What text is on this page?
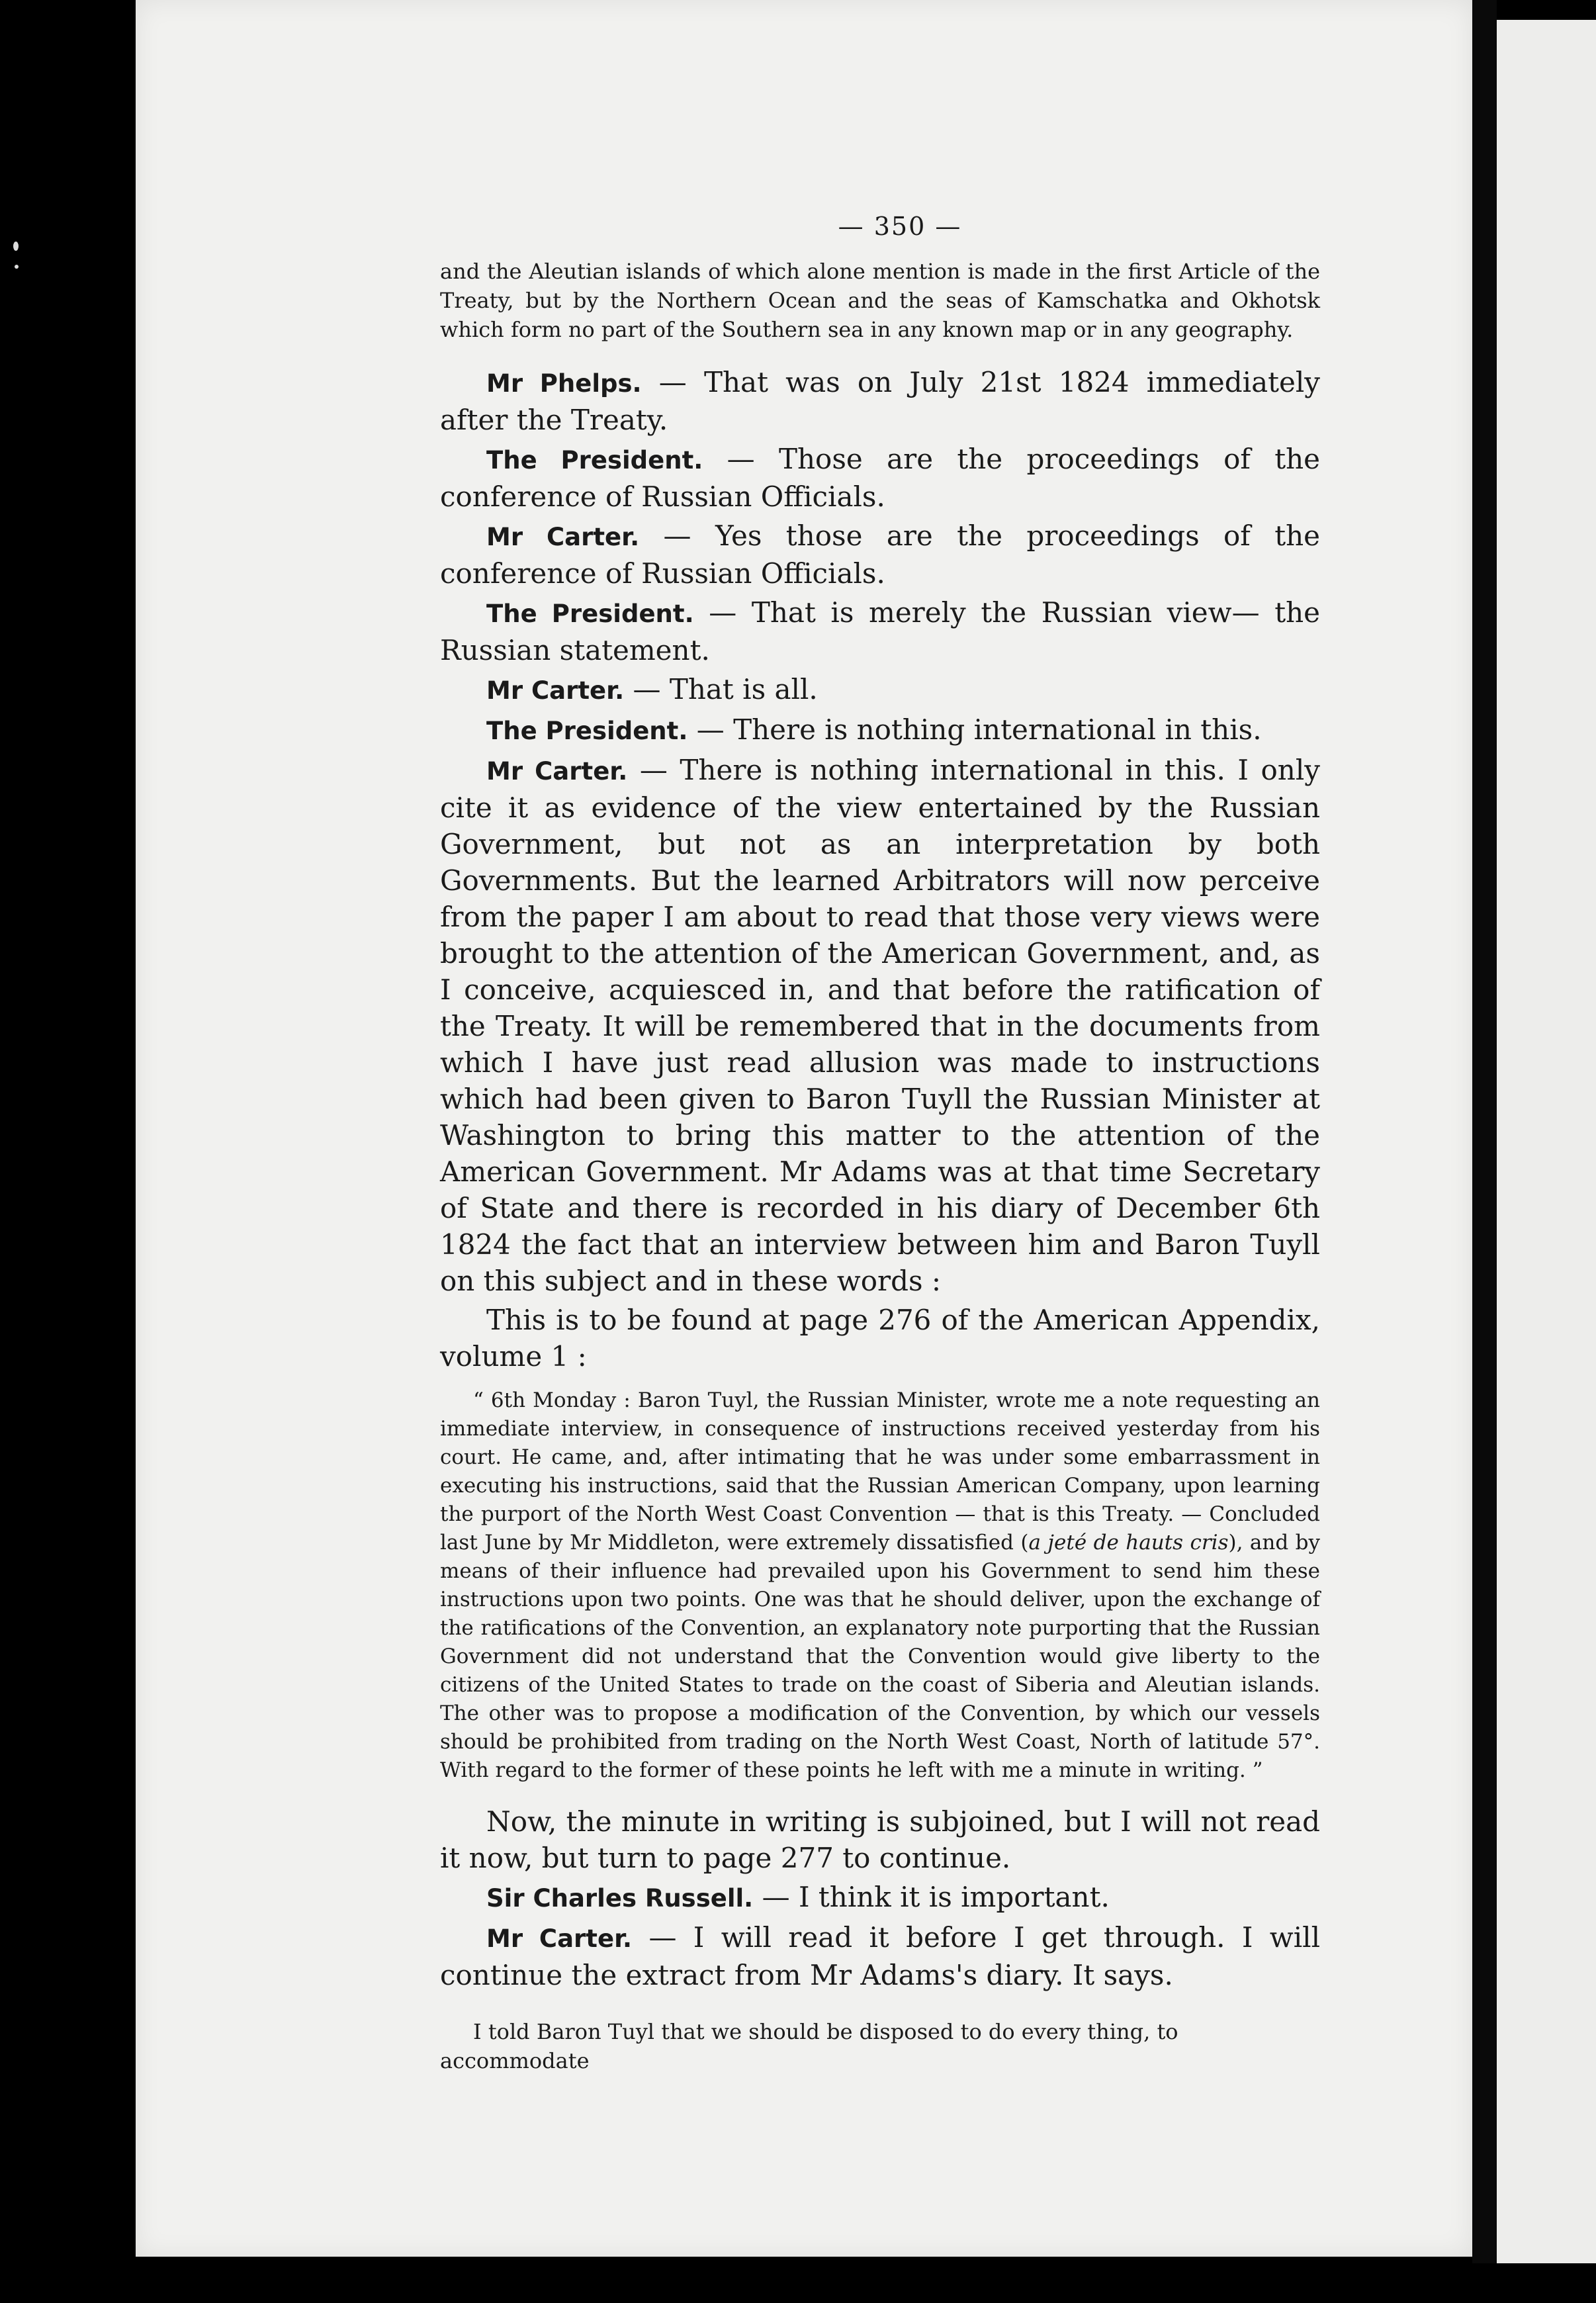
— 350 —
and the Aleutian islands of which alone mention is made in the first Article of the Treaty, but by the Northern Ocean and the seas of Kamschatka and Okhotsk which form no part of the Southern sea in any known map or in any geography.

Mr Phelps. — That was on July 21st 1824 immediately after the Treaty.

The President. — Those are the proceedings of the conference of Russian Officials.

Mr Carter. — Yes those are the proceedings of the conference of Russian Officials.

The President. — That is merely the Russian view— the Russian statement.

Mr Carter. — That is all.

The President. — There is nothing international in this.

Mr Carter. — There is nothing international in this. I only cite it as evidence of the view entertained by the Russian Government, but not as an interpretation by both Governments. But the learned Arbitrators will now perceive from the paper I am about to read that those very views were brought to the attention of the American Government, and, as I conceive, acquiesced in, and that before the ratification of the Treaty. It will be remembered that in the documents from which I have just read allusion was made to instructions which had been given to Baron Tuyll the Russian Minister at Washington to bring this matter to the attention of the American Government. Mr Adams was at that time Secretary of State and there is recorded in his diary of December 6th 1824 the fact that an interview between him and Baron Tuyll on this subject and in these words :

This is to be found at page 276 of the American Appendix, volume 1 :

“ 6th Monday : Baron Tuyl, the Russian Minister, wrote me a note requesting an immediate interview, in consequence of instructions received yesterday from his court. He came, and, after intimating that he was under some embarrassment in executing his instructions, said that the Russian American Company, upon learning the purport of the North West Coast Convention — that is this Treaty. — Concluded last June by Mr Middleton, were extremely dissatisfied (a jeté de hauts cris), and by means of their influence had prevailed upon his Government to send him these instructions upon two points. One was that he should deliver, upon the exchange of the ratifications of the Convention, an explanatory note purporting that the Russian Government did not understand that the Convention would give liberty to the citizens of the United States to trade on the coast of Siberia and Aleutian islands. The other was to propose a modification of the Convention, by which our vessels should be prohibited from trading on the North West Coast, North of latitude 57°. With regard to the former of these points he left with me a minute in writing. ”

Now, the minute in writing is subjoined, but I will not read it now, but turn to page 277 to continue.

Sir Charles Russell. — I think it is important.

Mr Carter. — I will read it before I get through. I will continue the extract from Mr Adams's diary. It says.

I told Baron Tuyl that we should be disposed to do every thing, to accommodate
